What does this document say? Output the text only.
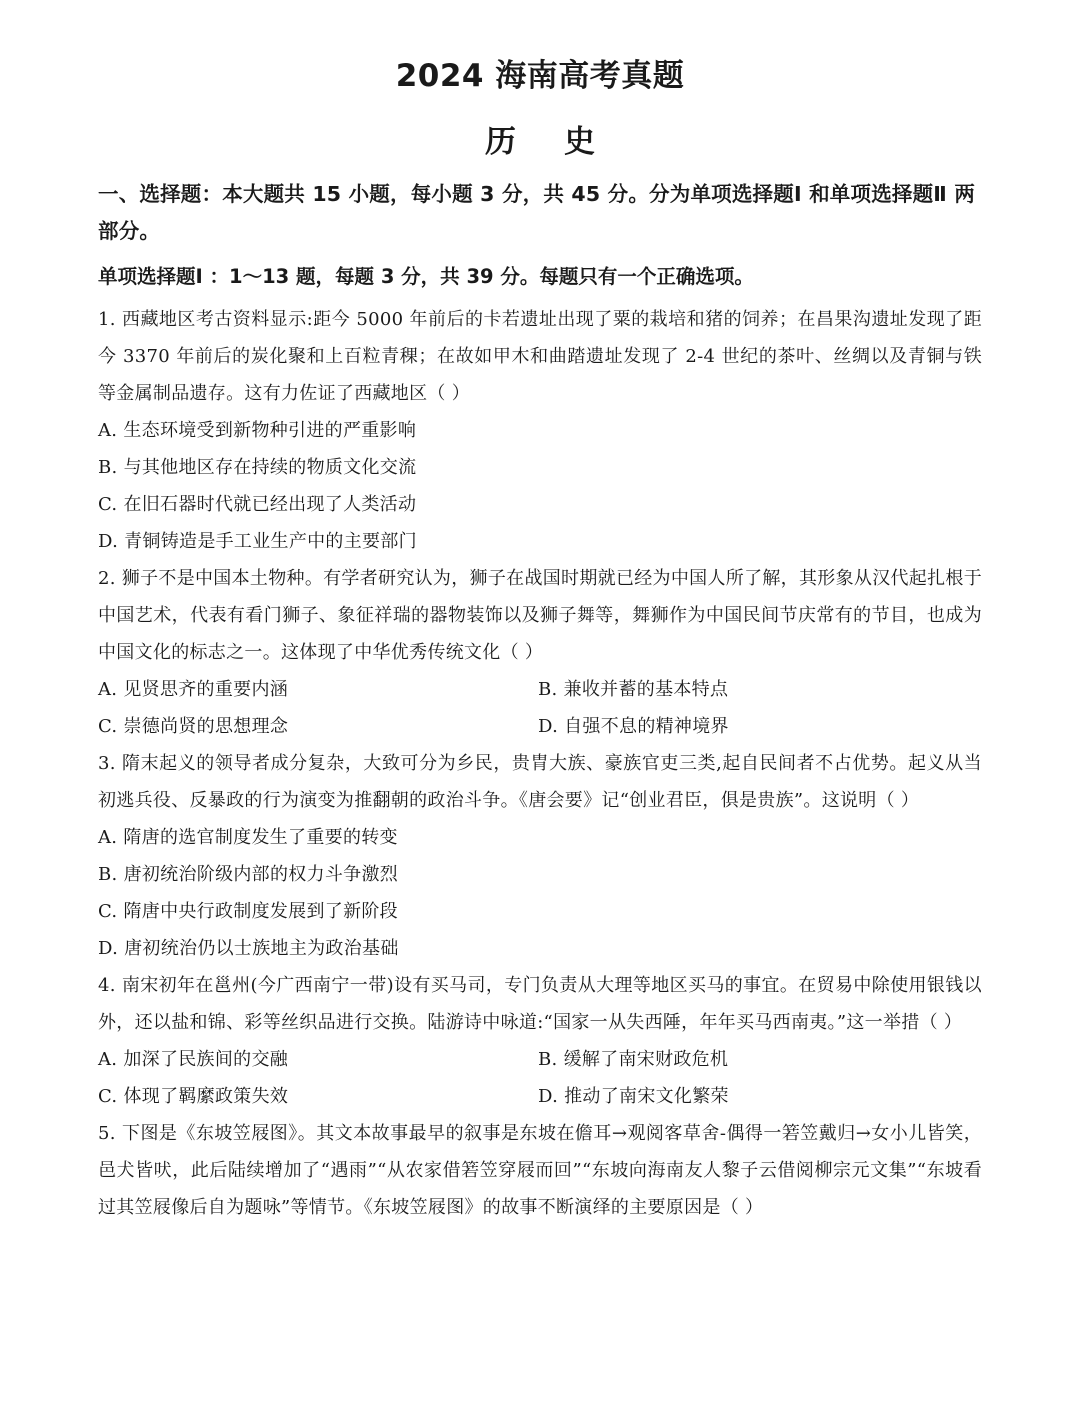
2024 海南高考真题
历史
一、选择题：本大题共 15 小题，每小题 3 分，共 45 分。分为单项选择题Ⅰ 和单项选择题Ⅱ 两部分。
单项选择题Ⅰ ：1～13 题，每题 3 分，共 39 分。每题只有一个正确选项。
1. 西藏地区考古资料显示:距今 5000 年前后的卡若遗址出现了粟的栽培和猪的饲养；在昌果沟遗址发现了距今 3370 年前后的炭化聚和上百粒青稞；在故如甲木和曲踏遗址发现了 2-4 世纪的茶叶、丝绸以及青铜与铁等金属制品遗存。这有力佐证了西藏地区（ ）
A. 生态环境受到新物种引进的严重影响
B. 与其他地区存在持续的物质文化交流
C. 在旧石器时代就已经出现了人类活动
D. 青铜铸造是手工业生产中的主要部门
2. 狮子不是中国本土物种。有学者研究认为，狮子在战国时期就已经为中国人所了解，其形象从汉代起扎根于中国艺术，代表有看门狮子、象征祥瑞的器物装饰以及狮子舞等，舞狮作为中国民间节庆常有的节目，也成为中国文化的标志之一。这体现了中华优秀传统文化（ ）
A. 见贤思齐的重要内涵	B. 兼收并蓄的基本特点
C. 崇德尚贤的思想理念	D. 自强不息的精神境界
3. 隋末起义的领导者成分复杂，大致可分为乡民，贵胄大族、豪族官吏三类,起自民间者不占优势。起义从当初逃兵役、反暴政的行为演变为推翻朝的政治斗争。《唐会要》记“创业君臣，俱是贵族”。这说明（ ）
A. 隋唐的选官制度发生了重要的转变
B. 唐初统治阶级内部的权力斗争激烈
C. 隋唐中央行政制度发展到了新阶段
D. 唐初统治仍以士族地主为政治基础
4. 南宋初年在邕州(今广西南宁一带)设有买马司，专门负责从大理等地区买马的事宜。在贸易中除使用银钱以外，还以盐和锦、彩等丝织品进行交换。陆游诗中咏道:“国家一从失西陲，年年买马西南夷。”这一举措（ ）
A. 加深了民族间的交融	B. 缓解了南宋财政危机
C. 体现了羁縻政策失效	D. 推动了南宋文化繁荣
5. 下图是《东坡笠屐图》。其文本故事最早的叙事是东坡在儋耳→观阅客草舍-偶得一箬笠戴归→女小儿皆笑，邑犬皆吠，此后陆续增加了“遇雨”“从农家借箬笠穿屐而回”“东坡向海南友人黎子云借阅柳宗元文集”“东坡看过其笠屐像后自为题咏”等情节。《东坡笠屐图》的故事不断演绎的主要原因是（ ）
